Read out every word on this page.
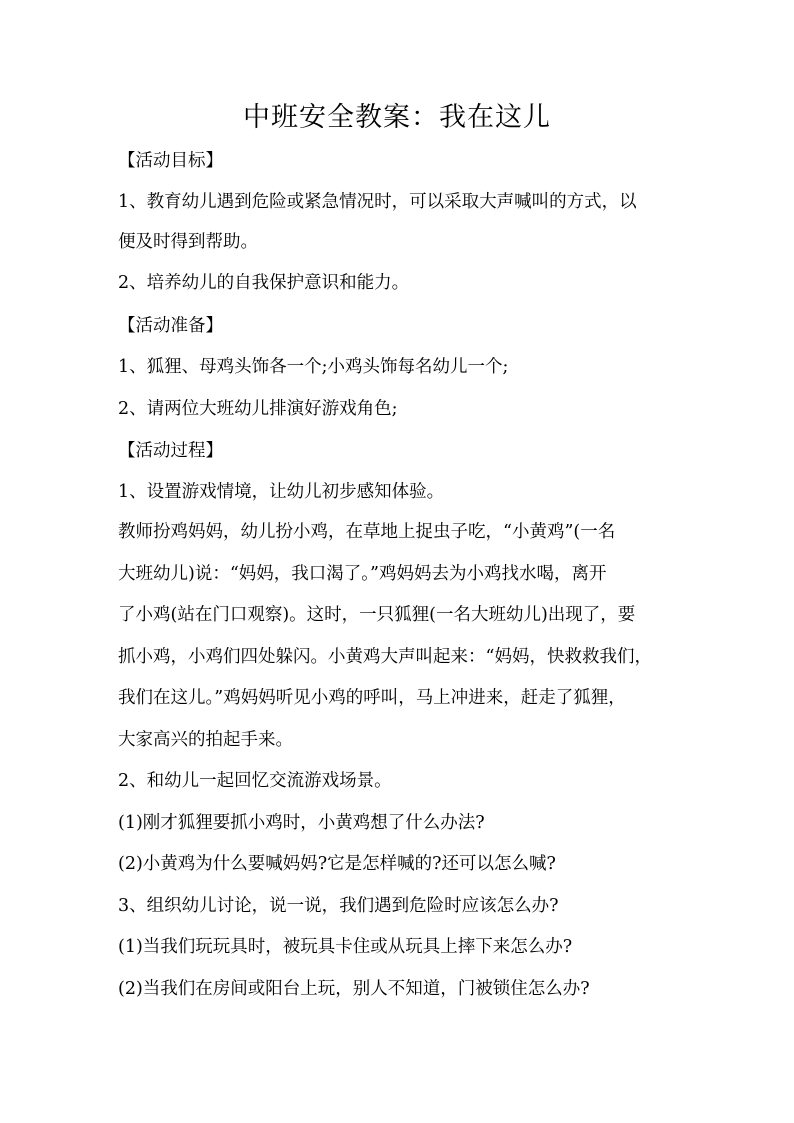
中班安全教案：我在这儿
【活动目标】
1、教育幼儿遇到危险或紧急情况时，可以采取大声喊叫的方式，以
便及时得到帮助。
2、培养幼儿的自我保护意识和能力。
【活动准备】
1、狐狸、母鸡头饰各一个;小鸡头饰每名幼儿一个;
2、请两位大班幼儿排演好游戏角色;
【活动过程】
1、设置游戏情境，让幼儿初步感知体验。
教师扮鸡妈妈，幼儿扮小鸡，在草地上捉虫子吃，“小黄鸡”(一名
大班幼儿)说：“妈妈，我口渴了。”鸡妈妈去为小鸡找水喝，离开
了小鸡(站在门口观察)。这时，一只狐狸(一名大班幼儿)出现了，要
抓小鸡，小鸡们四处躲闪。小黄鸡大声叫起来：“妈妈，快救救我们，
我们在这儿。”鸡妈妈听见小鸡的呼叫，马上冲进来，赶走了狐狸，
大家高兴的拍起手来。
2、和幼儿一起回忆交流游戏场景。
(1)刚才狐狸要抓小鸡时，小黄鸡想了什么办法?
(2)小黄鸡为什么要喊妈妈?它是怎样喊的?还可以怎么喊?
3、组织幼儿讨论，说一说，我们遇到危险时应该怎么办?
(1)当我们玩玩具时，被玩具卡住或从玩具上摔下来怎么办?
(2)当我们在房间或阳台上玩，别人不知道，门被锁住怎么办?
